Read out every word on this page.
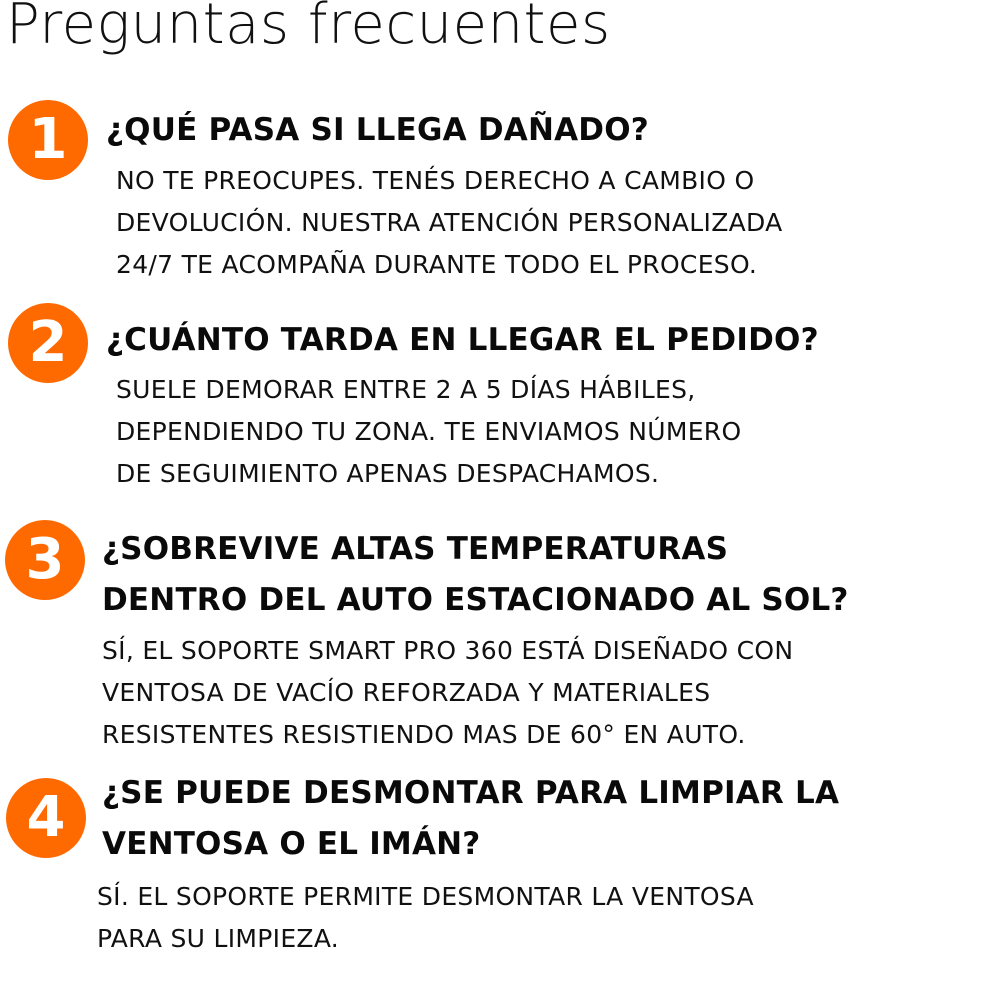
Preguntas frecuentes
1	¿QUÉ PASA SI LLEGA DAÑADO?

NO TE PREOCUPES. TENÉS DERECHO A CAMBIO O
DEVOLUCIÓN. NUESTRA ATENCIÓN PERSONALIZADA
24/7 TE ACOMPAÑA DURANTE TODO EL PROCESO.

2	¿CUÁNTO TARDA EN LLEGAR EL PEDIDO?

SUELE DEMORAR ENTRE 2 A 5 DÍAS HÁBILES,
DEPENDIENDO TU ZONA. TE ENVIAMOS NÚMERO
DE SEGUIMIENTO APENAS DESPACHAMOS.

3	¿SOBREVIVE ALTAS TEMPERATURAS
DENTRO DEL AUTO ESTACIONADO AL SOL?

SÍ, EL SOPORTE SMART PRO 360 ESTÁ DISEÑADO CON
VENTOSA DE VACÍO REFORZADA Y MATERIALES
RESISTENTES RESISTIENDO MAS DE 60° EN AUTO.

4	¿SE PUEDE DESMONTAR PARA LIMPIAR LA
VENTOSA O EL IMÁN?

SÍ. EL SOPORTE PERMITE DESMONTAR LA VENTOSA
PARA SU LIMPIEZA.
